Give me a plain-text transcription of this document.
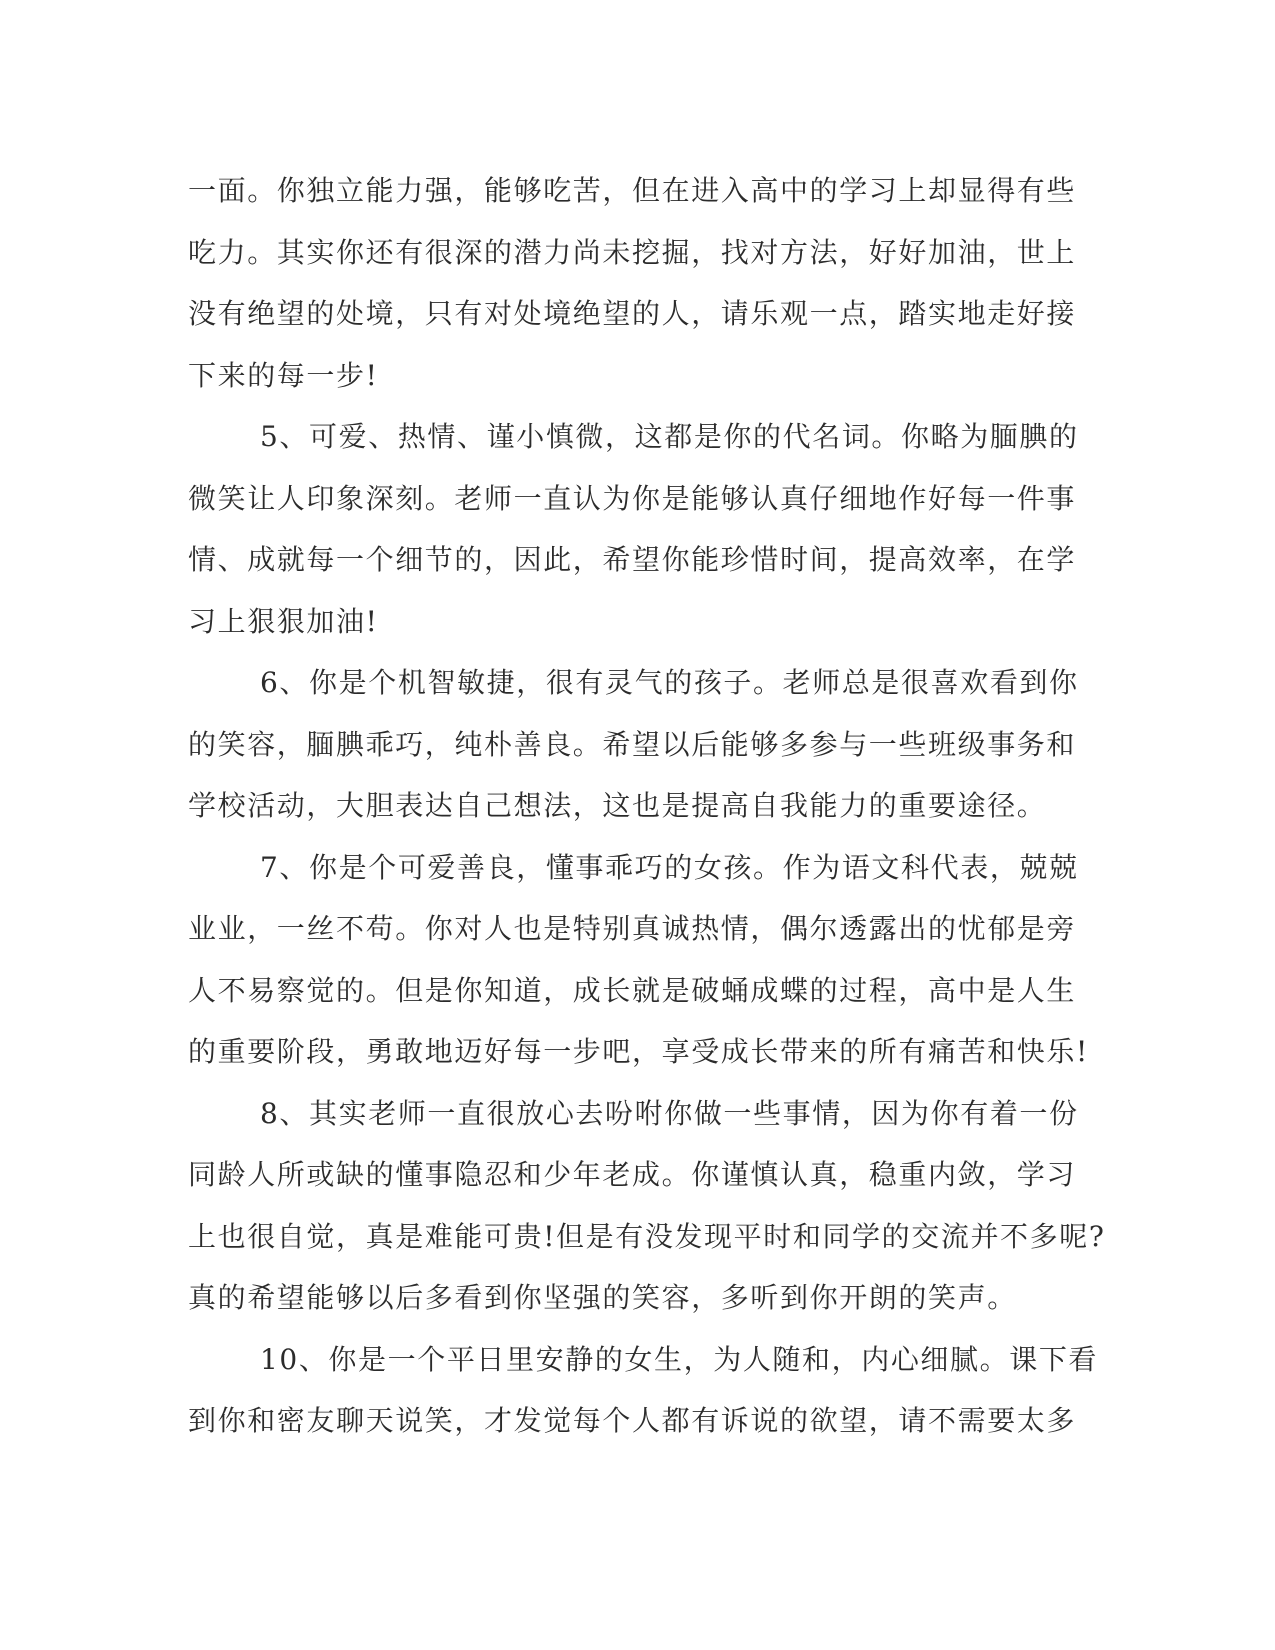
一面。你独立能力强，能够吃苦，但在进入高中的学习上却显得有些
吃力。其实你还有很深的潜力尚未挖掘，找对方法，好好加油，世上
没有绝望的处境，只有对处境绝望的人，请乐观一点，踏实地走好接
下来的每一步!
5、可爱、热情、谨小慎微，这都是你的代名词。你略为腼腆的
微笑让人印象深刻。老师一直认为你是能够认真仔细地作好每一件事
情、成就每一个细节的，因此，希望你能珍惜时间，提高效率，在学
习上狠狠加油!
6、你是个机智敏捷，很有灵气的孩子。老师总是很喜欢看到你
的笑容，腼腆乖巧，纯朴善良。希望以后能够多参与一些班级事务和
学校活动，大胆表达自己想法，这也是提高自我能力的重要途径。
7、你是个可爱善良，懂事乖巧的女孩。作为语文科代表，兢兢
业业，一丝不苟。你对人也是特别真诚热情，偶尔透露出的忧郁是旁
人不易察觉的。但是你知道，成长就是破蛹成蝶的过程，高中是人生
的重要阶段，勇敢地迈好每一步吧，享受成长带来的所有痛苦和快乐!
8、其实老师一直很放心去吩咐你做一些事情，因为你有着一份
同龄人所或缺的懂事隐忍和少年老成。你谨慎认真，稳重内敛，学习
上也很自觉，真是难能可贵!但是有没发现平时和同学的交流并不多呢?
真的希望能够以后多看到你坚强的笑容，多听到你开朗的笑声。
10、你是一个平日里安静的女生，为人随和，内心细腻。课下看
到你和密友聊天说笑，才发觉每个人都有诉说的欲望，请不需要太多
